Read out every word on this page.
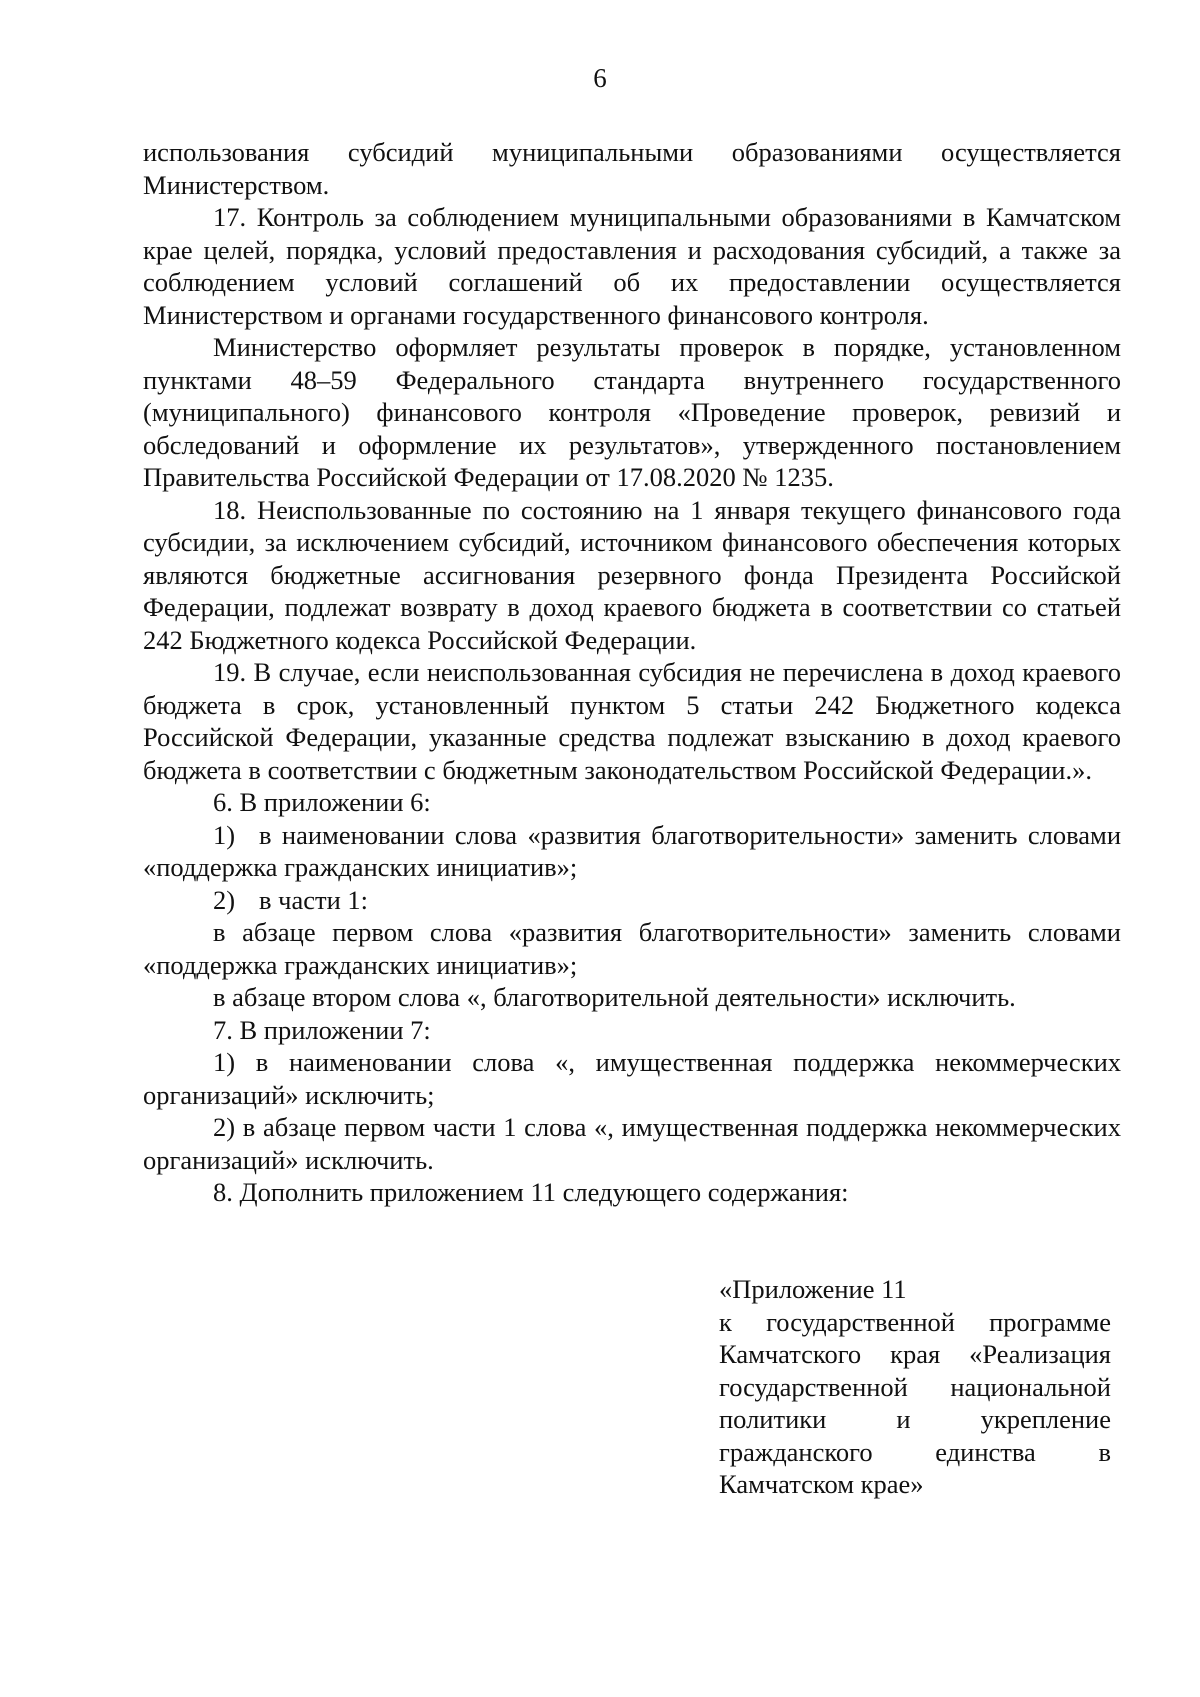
6

использования субсидий муниципальными образованиями осуществляется Министерством.

17. Контроль за соблюдением муниципальными образованиями в Камчатском крае целей, порядка, условий предоставления и расходования субсидий, а также за соблюдением условий соглашений об их предоставлении осуществляется Министерством и органами государственного финансового контроля.

Министерство оформляет результаты проверок в порядке, установленном пунктами 48–59 Федерального стандарта внутреннего государственного (муниципального) финансового контроля «Проведение проверок, ревизий и обследований и оформление их результатов», утвержденного постановлением Правительства Российской Федерации от 17.08.2020 № 1235.

18. Неиспользованные по состоянию на 1 января текущего финансового года субсидии, за исключением субсидий, источником финансового обеспечения которых являются бюджетные ассигнования резервного фонда Президента Российской Федерации, подлежат возврату в доход краевого бюджета в соответствии со статьей 242 Бюджетного кодекса Российской Федерации.

19. В случае, если неиспользованная субсидия не перечислена в доход краевого бюджета в срок, установленный пунктом 5 статьи 242 Бюджетного кодекса Российской Федерации, указанные средства подлежат взысканию в доход краевого бюджета в соответствии с бюджетным законодательством Российской Федерации.».

6. В приложении 6:

1) в наименовании слова «развития благотворительности» заменить словами «поддержка гражданских инициатив»;

2) в части 1:

в абзаце первом слова «развития благотворительности» заменить словами «поддержка гражданских инициатив»;

в абзаце втором слова «, благотворительной деятельности» исключить.

7. В приложении 7:

1) в наименовании слова «, имущественная поддержка некоммерческих организаций» исключить;

2) в абзаце первом части 1 слова «, имущественная поддержка некоммерческих организаций» исключить.

8. Дополнить приложением 11 следующего содержания:

«Приложение 11

к государственной программе Камчатского края «Реализация государственной национальной политики и укрепление гражданского единства в Камчатском крае»
